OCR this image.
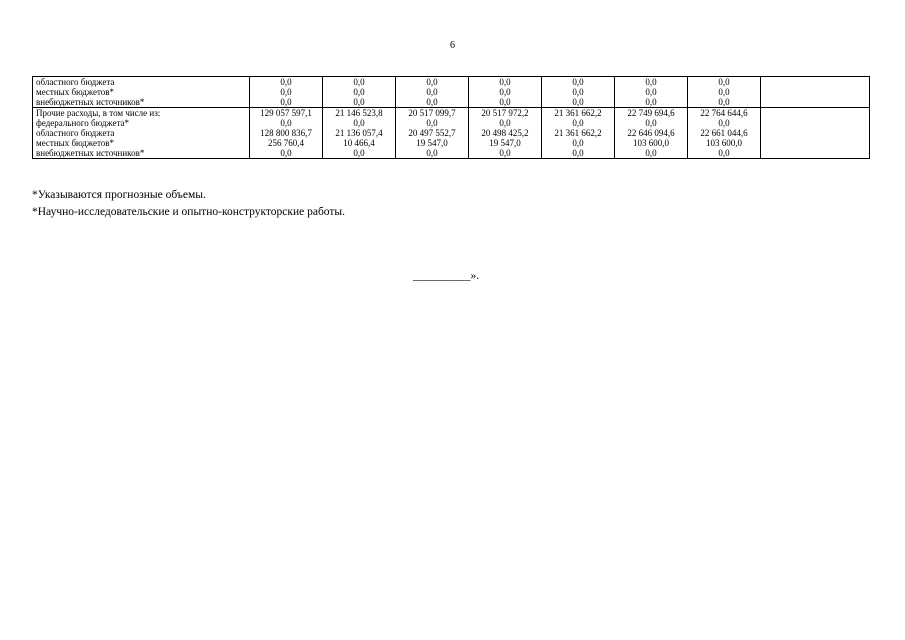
6
областного бюджета	0,0	0,0	0,0	0,0	0,0	0,0	0,0	
местных бюджетов*	0,0	0,0	0,0	0,0	0,0	0,0	0,0	
внебюджетных источников*	0,0	0,0	0,0	0,0	0,0	0,0	0,0	
Прочие расходы, в том числе из:	129 057 597,1	21 146 523,8	20 517 099,7	20 517 972,2	21 361 662,2	22 749 694,6	22 764 644,6	
федерального бюджета*	0,0	0,0	0,0	0,0	0,0	0,0	0,0	
областного бюджета	128 800 836,7	21 136 057,4	20 497 552,7	20 498 425,2	21 361 662,2	22 646 094,6	22 661 044,6	
местных бюджетов*	256 760,4	10 466,4	19 547,0	19 547,0	0,0	103 600,0	103 600,0	
внебюджетных источников*	0,0	0,0	0,0	0,0	0,0	0,0	0,0	
*Указываются прогнозные объемы.
*Научно-исследовательские и опытно-конструкторские работы.
__________».
